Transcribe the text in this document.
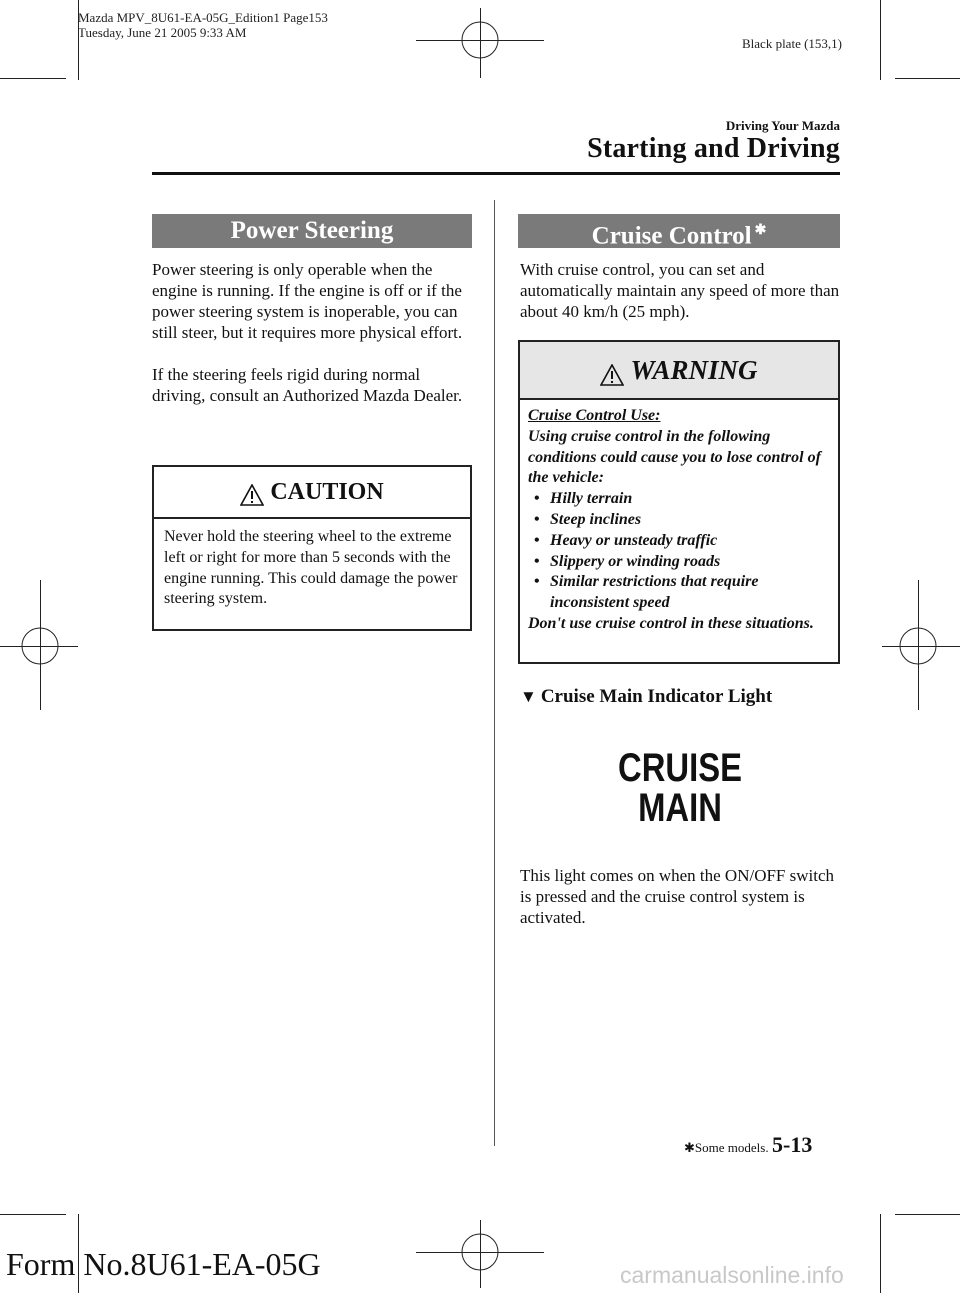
Mazda MPV_8U61-EA-05G_Edition1 Page153
Tuesday, June 21 2005 9:33 AM
Black plate (153,1)
Driving Your Mazda
Starting and Driving
Power Steering
Power steering is only operable when the engine is running. If the engine is off or if the power steering system is inoperable, you can still steer, but it requires more physical effort.
If the steering feels rigid during normal driving, consult an Authorized Mazda Dealer.
CAUTION
Never hold the steering wheel to the extreme left or right for more than 5 seconds with the engine running. This could damage the power steering system.
Cruise Control ✱
With cruise control, you can set and automatically maintain any speed of more than about 40 km/h (25 mph).
WARNING
Cruise Control Use:
Using cruise control in the following conditions could cause you to lose control of the vehicle:
• Hilly terrain
• Steep inclines
• Heavy or unsteady traffic
• Slippery or winding roads
• Similar restrictions that require inconsistent speed
Don't use cruise control in these situations.
▼ Cruise Main Indicator Light
CRUISE
MAIN
This light comes on when the ON/OFF switch is pressed and the cruise control system is activated.
✱Some models. 5-13
Form No.8U61-EA-05G	carmanualsonline.info
